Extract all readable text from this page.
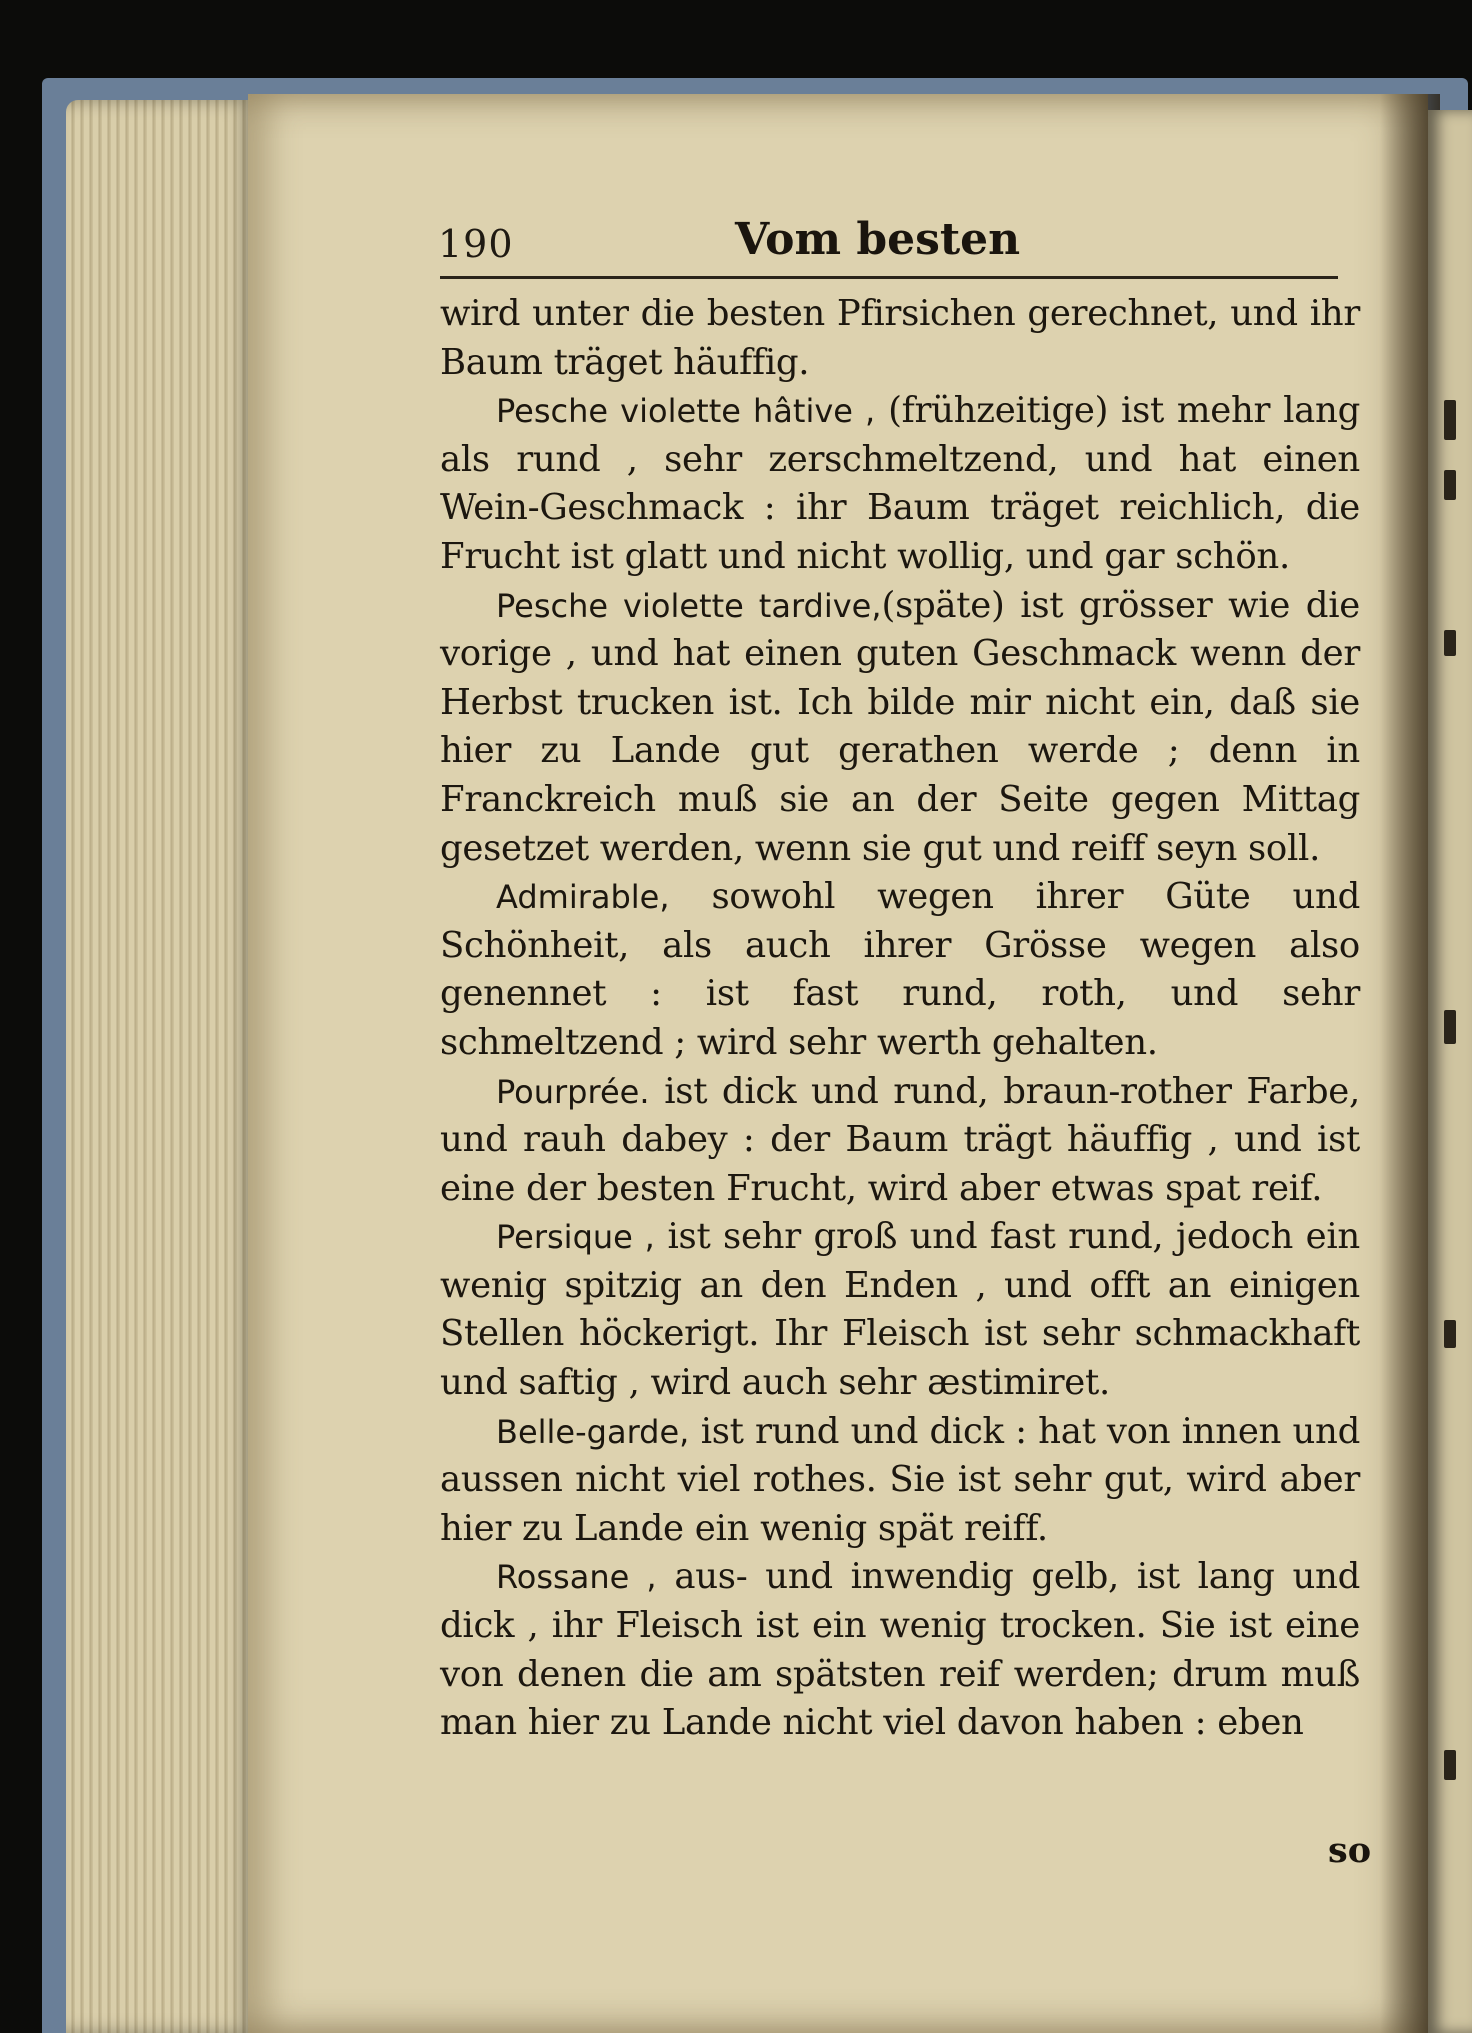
190	Vom besten

wird unter die besten Pfirsichen gerechnet, und ihr Baum träget häuffig.

Pesche violette hâtive , (frühzeitige) ist mehr lang als rund , sehr zerschmeltzend, und hat einen Wein-Geschmack : ihr Baum träget reichlich, die Frucht ist glatt und nicht wollig, und gar schön.

Pesche violette tardive,(späte) ist grösser wie die vorige , und hat einen guten Geschmack wenn der Herbst trucken ist. Ich bilde mir nicht ein, daß sie hier zu Lande gut gerathen werde ; denn in Franckreich muß sie an der Seite gegen Mittag gesetzet werden, wenn sie gut und reiff seyn soll.

Admirable, sowohl wegen ihrer Güte und Schönheit, als auch ihrer Grösse wegen also genennet : ist fast rund, roth, und sehr schmeltzend ; wird sehr werth gehalten.

Pourprée. ist dick und rund, braun-rother Farbe, und rauh dabey : der Baum trägt häuffig , und ist eine der besten Frucht, wird aber etwas spat reif.

Persique , ist sehr groß und fast rund, jedoch ein wenig spitzig an den Enden , und offt an einigen Stellen höckerigt. Ihr Fleisch ist sehr schmackhaft und saftig , wird auch sehr æstimiret.

Belle-garde, ist rund und dick : hat von innen und aussen nicht viel rothes. Sie ist sehr gut, wird aber hier zu Lande ein wenig spät reiff.

Rossane , aus- und inwendig gelb, ist lang und dick , ihr Fleisch ist ein wenig trocken. Sie ist eine von denen die am spätsten reif werden; drum muß man hier zu Lande nicht viel davon haben : eben

so
